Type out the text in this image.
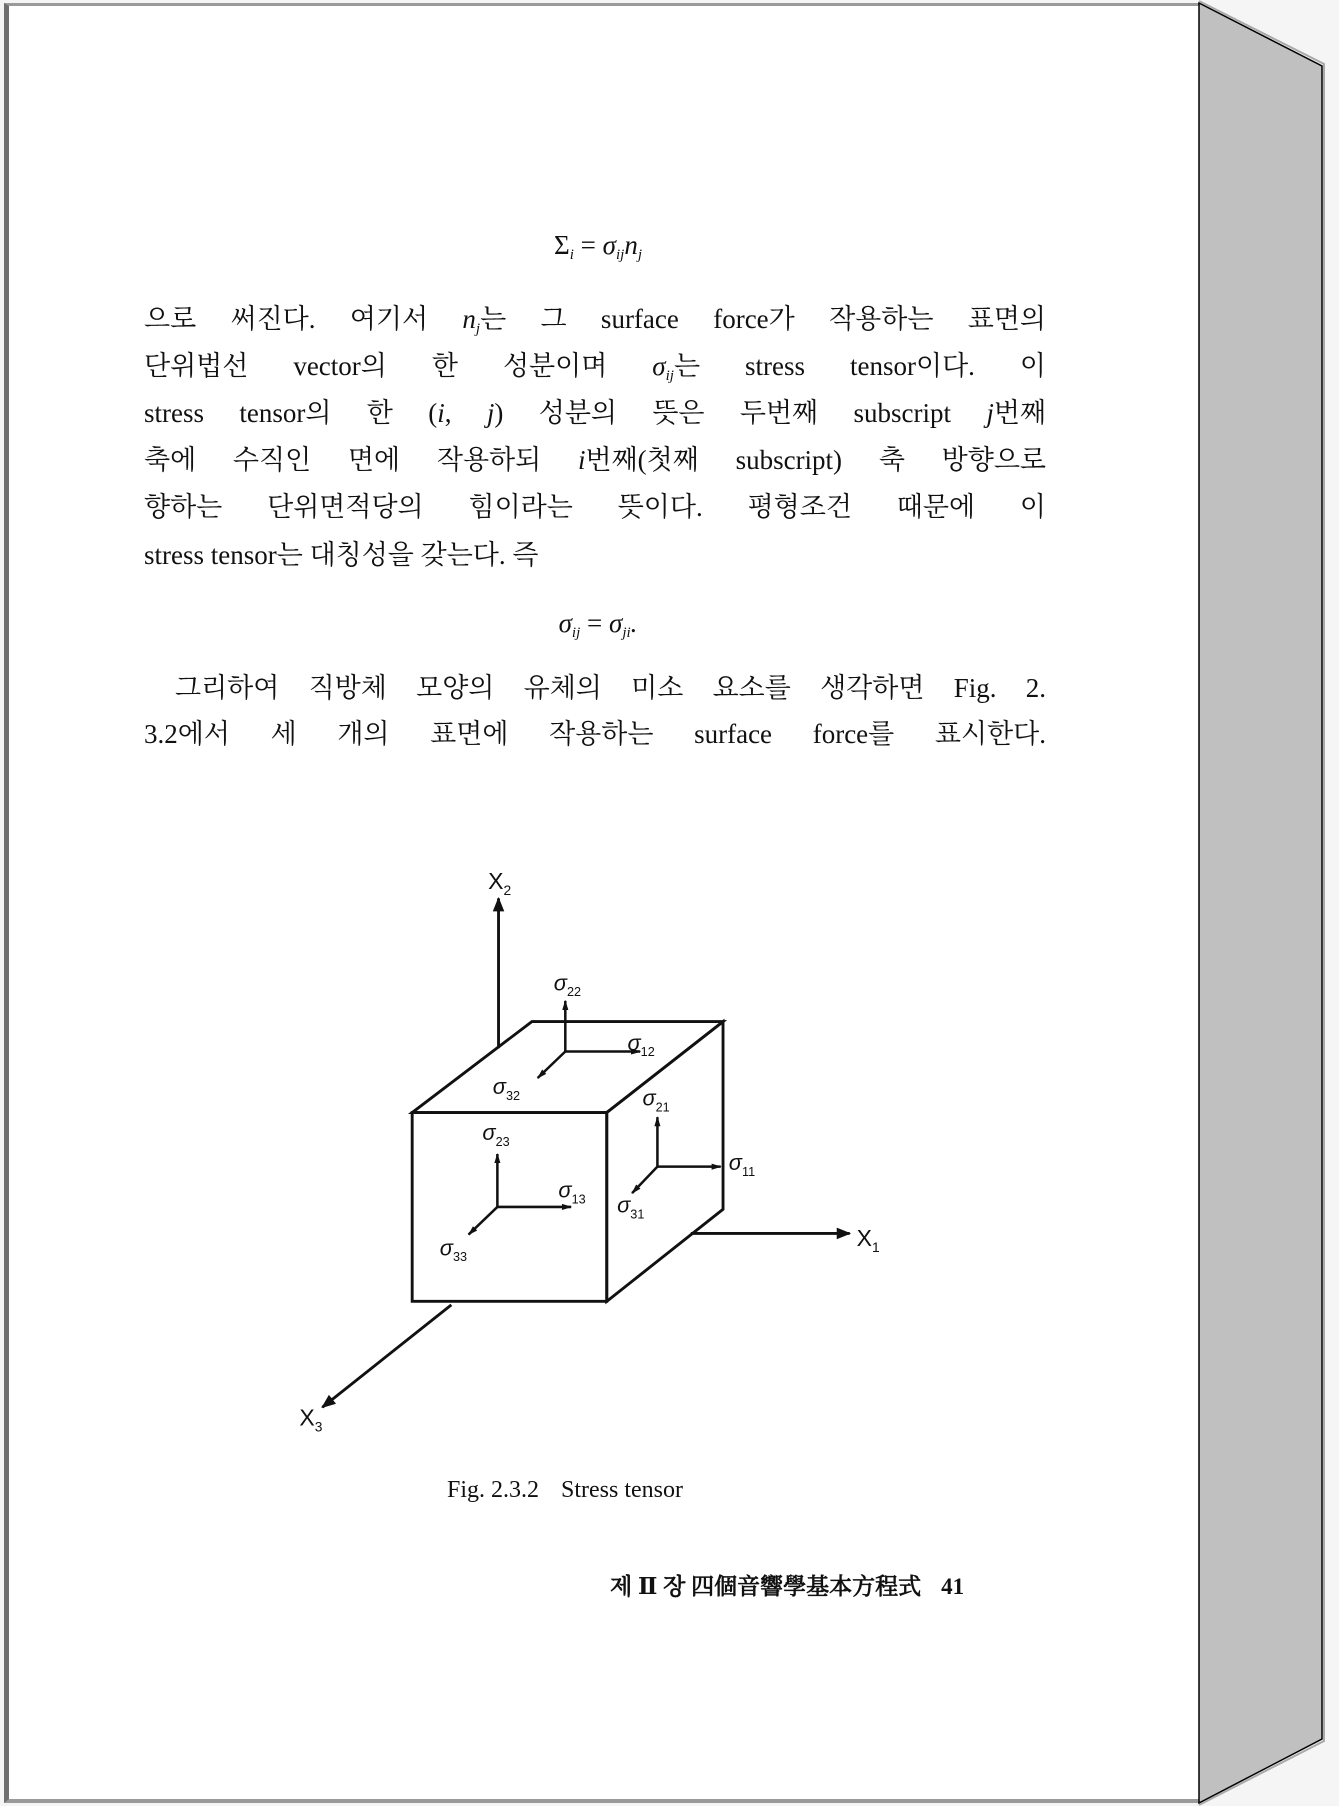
$\Sigma_i = \sigma_{ij}n_j$
으로 써진다. 여기서 $n_j$는 그 surface force가 작용하는 표면의
단위법선 vector의 한 성분이며 $\sigma_{ij}$는 stress tensor이다. 이
stress tensor의 한 (i, j) 성분의 뜻은 두번째 subscript j번째
축에 수직인 면에 작용하되 i번째(첫째 subscript) 축 방향으로
향하는 단위면적당의 힘이라는 뜻이다. 평형조건 때문에 이
stress tensor는 대칭성을 갖는다. 즉
$\sigma_{ij} = \sigma_{ji}$.
그리하여 직방체 모양의 유체의 미소 요소를 생각하면 Fig. 2.
3.2에서 세 개의 표면에 작용하는 surface force를 표시한다.
$X_2$
$X_1$
$X_3$
$\sigma_{22}$
$\sigma_{12}$
$\sigma_{32}$
$\sigma_{23}$
$\sigma_{13}$
$\sigma_{33}$
$\sigma_{21}$
$\sigma_{11}$
$\sigma_{31}$
Fig. 2.3.2 Stress tensor
제 Ⅱ 장 四個音響學基本方程式 41
